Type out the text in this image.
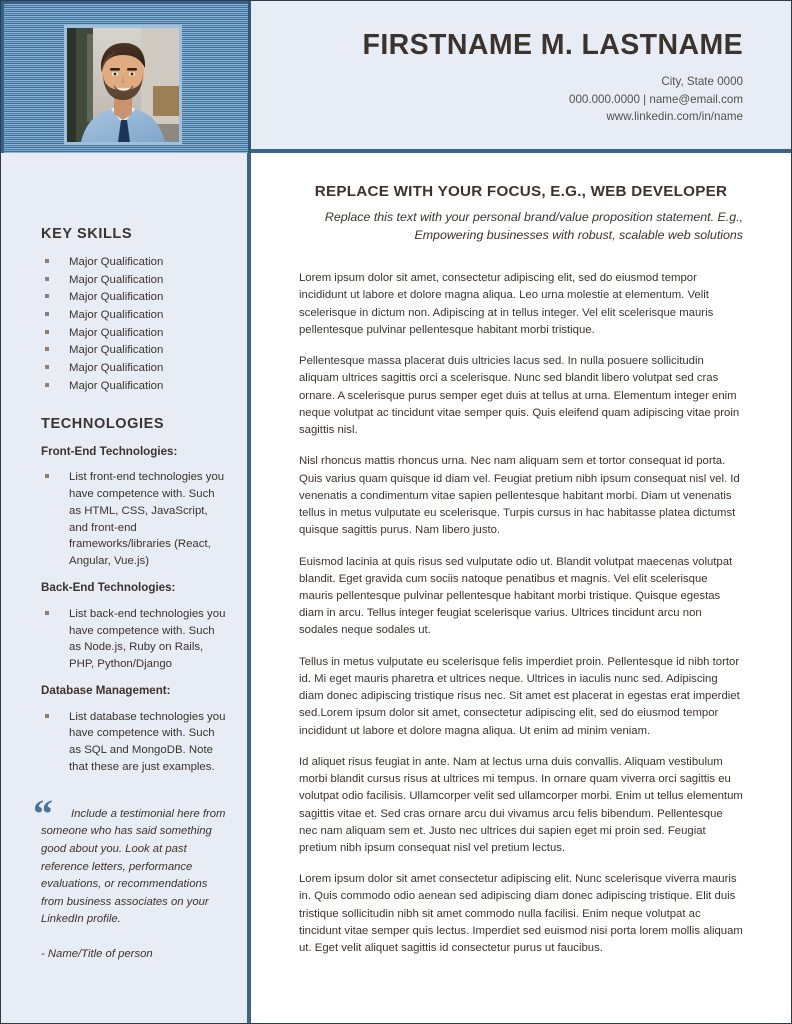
FIRSTNAME M. LASTNAME

City, State 0000

000.000.0000 | name@email.com

www.linkedin.com/in/name

KEY SKILLS
Major Qualification
Major Qualification
Major Qualification
Major Qualification
Major Qualification
Major Qualification
Major Qualification
Major Qualification
TECHNOLOGIES

Front-End Technologies:

List front-end technologies you have competence with. Such as HTML, CSS, JavaScript, and front-end frameworks/libraries (React, Angular, Vue.js)

Back-End Technologies:

List back-end technologies you have competence with. Such as Node.js, Ruby on Rails, PHP, Python/Django

Database Management:

List database technologies you have competence with. Such as SQL and MongoDB. Note that these are just examples.

“	Include a testimonial here from someone who has said something good about you. Look at past reference letters, performance evaluations, or recommendations from business associates on your LinkedIn profile.

- Name/Title of person

REPLACE WITH YOUR FOCUS, E.G., WEB DEVELOPER

Replace this text with your personal brand/value proposition statement. E.g., Empowering businesses with robust, scalable web solutions

Lorem ipsum dolor sit amet, consectetur adipiscing elit, sed do eiusmod tempor incididunt ut labore et dolore magna aliqua. Leo urna molestie at elementum. Velit scelerisque in dictum non. Adipiscing at in tellus integer. Vel elit scelerisque mauris pellentesque pulvinar pellentesque habitant morbi tristique.

Pellentesque massa placerat duis ultricies lacus sed. In nulla posuere sollicitudin aliquam ultrices sagittis orci a scelerisque. Nunc sed blandit libero volutpat sed cras ornare. A scelerisque purus semper eget duis at tellus at urna. Elementum integer enim neque volutpat ac tincidunt vitae semper quis. Quis eleifend quam adipiscing vitae proin sagittis nisl.

Nisl rhoncus mattis rhoncus urna. Nec nam aliquam sem et tortor consequat id porta. Quis varius quam quisque id diam vel. Feugiat pretium nibh ipsum consequat nisl vel. Id venenatis a condimentum vitae sapien pellentesque habitant morbi. Diam ut venenatis tellus in metus vulputate eu scelerisque. Turpis cursus in hac habitasse platea dictumst quisque sagittis purus. Nam libero justo.

Euismod lacinia at quis risus sed vulputate odio ut. Blandit volutpat maecenas volutpat blandit. Eget gravida cum sociis natoque penatibus et magnis. Vel elit scelerisque mauris pellentesque pulvinar pellentesque habitant morbi tristique. Quisque egestas diam in arcu. Tellus integer feugiat scelerisque varius. Ultrices tincidunt arcu non sodales neque sodales ut.

Tellus in metus vulputate eu scelerisque felis imperdiet proin. Pellentesque id nibh tortor id. Mi eget mauris pharetra et ultrices neque. Ultrices in iaculis nunc sed. Adipiscing diam donec adipiscing tristique risus nec. Sit amet est placerat in egestas erat imperdiet sed.Lorem ipsum dolor sit amet, consectetur adipiscing elit, sed do eiusmod tempor incididunt ut labore et dolore magna aliqua. Ut enim ad minim veniam.

Id aliquet risus feugiat in ante. Nam at lectus urna duis convallis. Aliquam vestibulum morbi blandit cursus risus at ultrices mi tempus. In ornare quam viverra orci sagittis eu volutpat odio facilisis. Ullamcorper velit sed ullamcorper morbi. Enim ut tellus elementum sagittis vitae et. Sed cras ornare arcu dui vivamus arcu felis bibendum. Pellentesque nec nam aliquam sem et. Justo nec ultrices dui sapien eget mi proin sed. Feugiat pretium nibh ipsum consequat nisl vel pretium lectus.

Lorem ipsum dolor sit amet consectetur adipiscing elit. Nunc scelerisque viverra mauris in. Quis commodo odio aenean sed adipiscing diam donec adipiscing tristique. Elit duis tristique sollicitudin nibh sit amet commodo nulla facilisi. Enim neque volutpat ac tincidunt vitae semper quis lectus. Imperdiet sed euismod nisi porta lorem mollis aliquam ut. Eget velit aliquet sagittis id consectetur purus ut faucibus.
